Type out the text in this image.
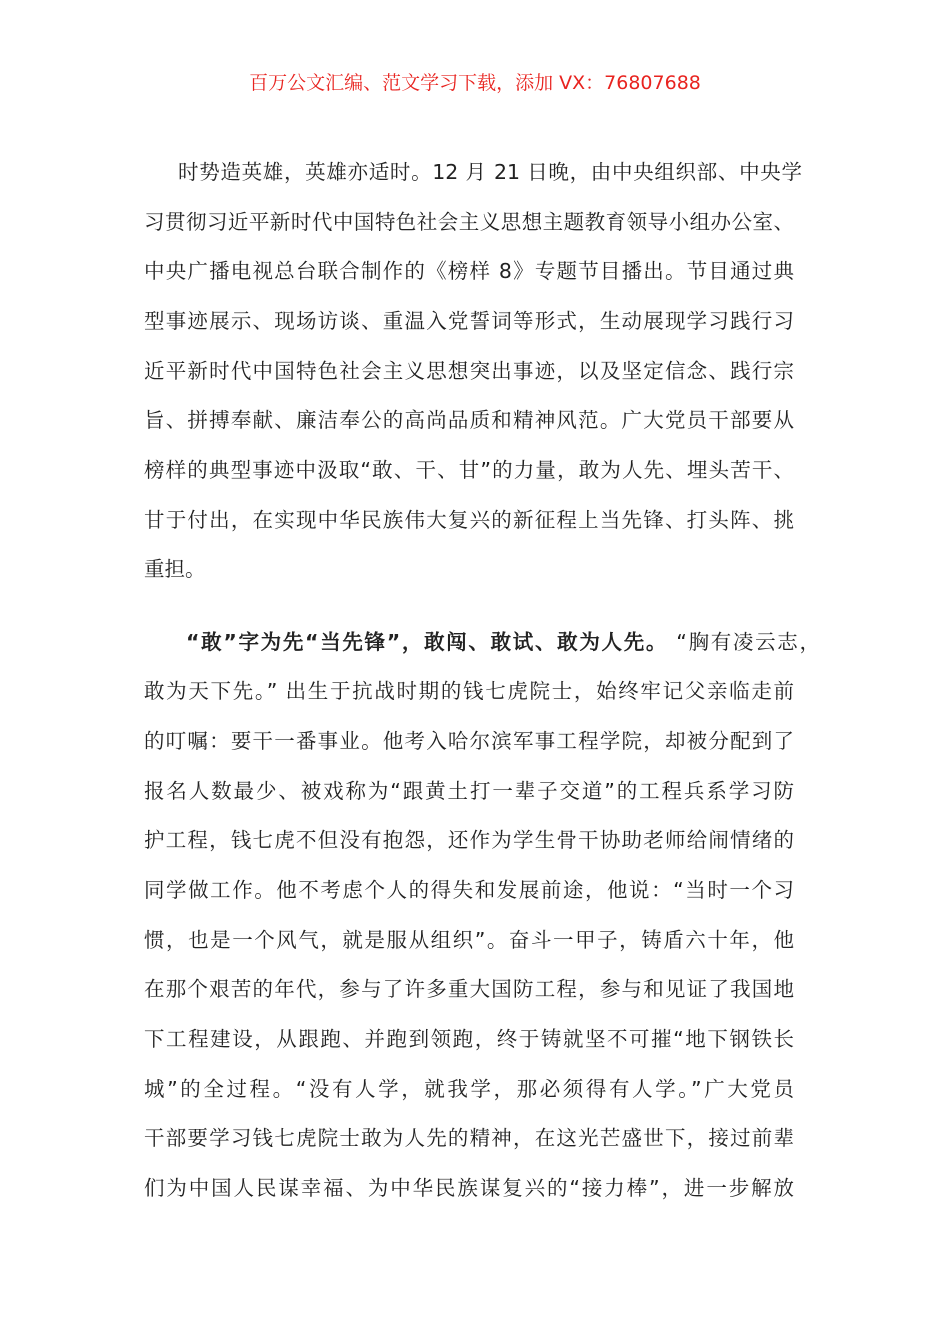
百万公文汇编、范文学习下载，添加 VX：76807688
时势造英雄，英雄亦适时。12 月 21 日晚，由中央组织部、中央学
习贯彻习近平新时代中国特色社会主义思想主题教育领导小组办公室、
中央广播电视总台联合制作的《榜样 8》专题节目播出。节目通过典
型事迹展示、现场访谈、重温入党誓词等形式，生动展现学习践行习
近平新时代中国特色社会主义思想突出事迹，以及坚定信念、践行宗
旨、拼搏奉献、廉洁奉公的高尚品质和精神风范。广大党员干部要从
榜样的典型事迹中汲取“敢、干、甘”的力量，敢为人先、埋头苦干、
甘于付出，在实现中华民族伟大复兴的新征程上当先锋、打头阵、挑
重担。
“敢”字为先“当先锋”，敢闯、敢试、敢为人先。 “胸有凌云志，
敢为天下先。” 出生于抗战时期的钱七虎院士，始终牢记父亲临走前
的叮嘱：要干一番事业。他考入哈尔滨军事工程学院，却被分配到了
报名人数最少、被戏称为“跟黄土打一辈子交道”的工程兵系学习防
护工程，钱七虎不但没有抱怨，还作为学生骨干协助老师给闹情绪的
同学做工作。他不考虑个人的得失和发展前途，他说：“当时一个习
惯，也是一个风气，就是服从组织”。奋斗一甲子，铸盾六十年，他
在那个艰苦的年代，参与了许多重大国防工程，参与和见证了我国地
下工程建设，从跟跑、并跑到领跑，终于铸就坚不可摧“地下钢铁长
城”的全过程。“没有人学，就我学，那必须得有人学。”广大党员
干部要学习钱七虎院士敢为人先的精神，在这光芒盛世下，接过前辈
们为中国人民谋幸福、为中华民族谋复兴的“接力棒”，进一步解放
